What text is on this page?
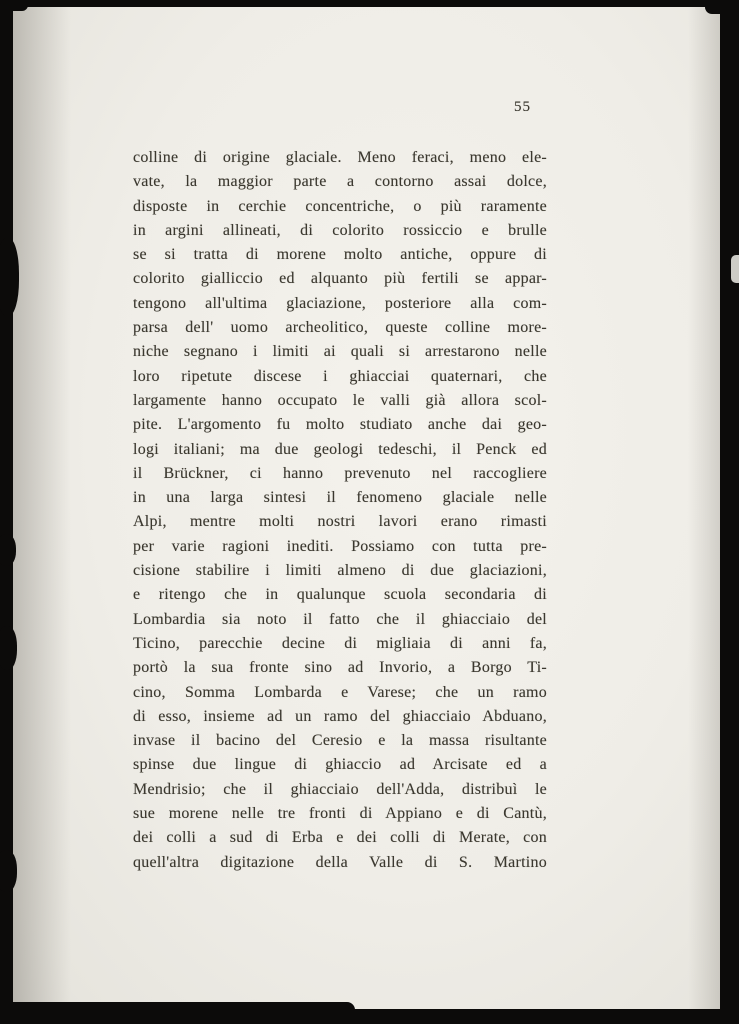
55
colline di origine glaciale. Meno feraci, meno ele-
vate, la maggior parte a contorno assai dolce,
disposte in cerchie concentriche, o più raramente
in argini allineati, di colorito rossiccio e brulle
se si tratta di morene molto antiche, oppure di
colorito gialliccio ed alquanto più fertili se appar-
tengono all'ultima glaciazione, posteriore alla com-
parsa dell' uomo archeolitico, queste colline more-
niche segnano i limiti ai quali si arrestarono nelle
loro ripetute discese i ghiacciai quaternari, che
largamente hanno occupato le valli già allora scol-
pite. L'argomento fu molto studiato anche dai geo-
logi italiani; ma due geologi tedeschi, il Penck ed
il Brückner, ci hanno prevenuto nel raccogliere
in una larga sintesi il fenomeno glaciale nelle
Alpi, mentre molti nostri lavori erano rimasti
per varie ragioni inediti. Possiamo con tutta pre-
cisione stabilire i limiti almeno di due glaciazioni,
e ritengo che in qualunque scuola secondaria di
Lombardia sia noto il fatto che il ghiacciaio del
Ticino, parecchie decine di migliaia di anni fa,
portò la sua fronte sino ad Invorio, a Borgo Ti-
cino, Somma Lombarda e Varese; che un ramo
di esso, insieme ad un ramo del ghiacciaio Abduano,
invase il bacino del Ceresio e la massa risultante
spinse due lingue di ghiaccio ad Arcisate ed a
Mendrisio; che il ghiacciaio dell'Adda, distribuì le
sue morene nelle tre fronti di Appiano e di Cantù,
dei colli a sud di Erba e dei colli di Merate, con
quell'altra digitazione della Valle di S. Martino
